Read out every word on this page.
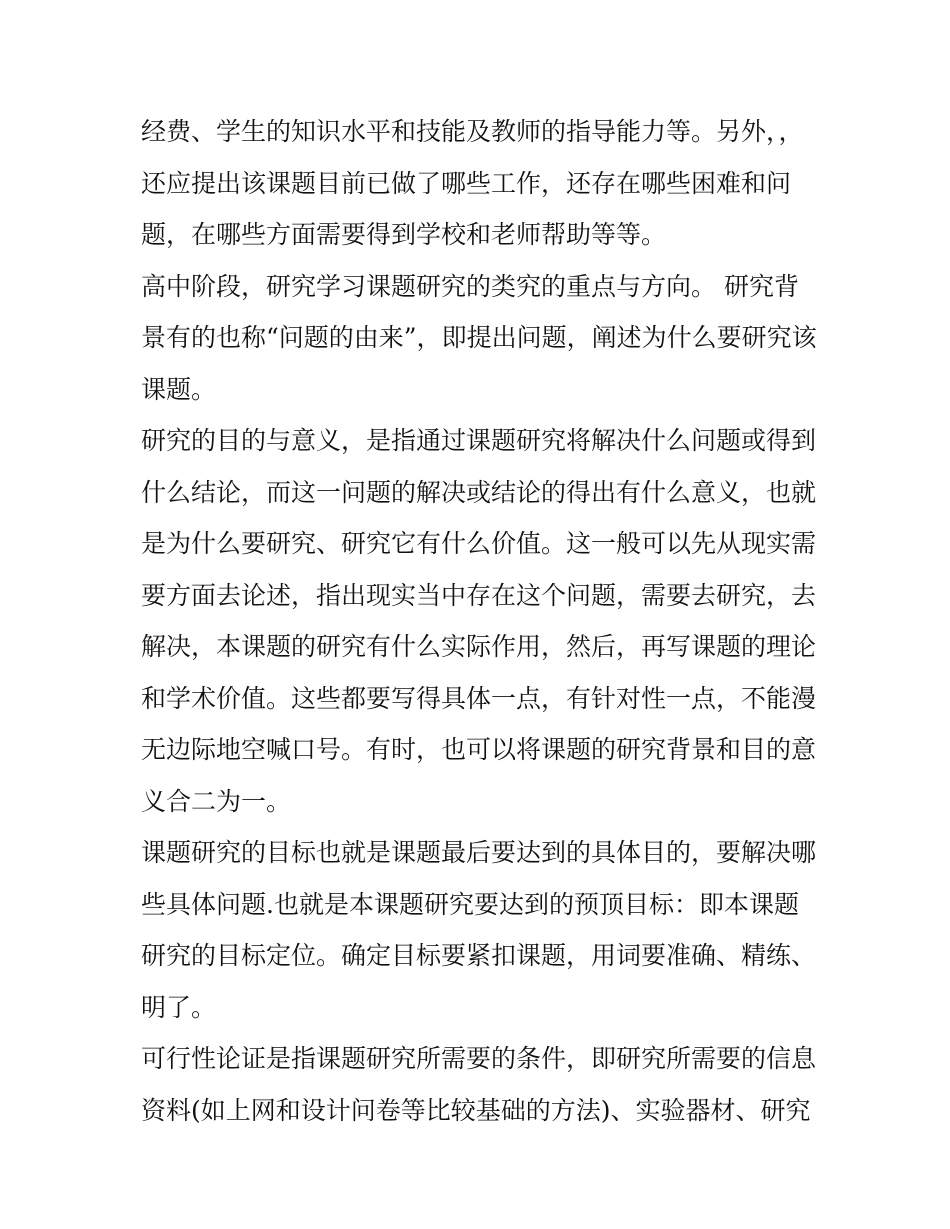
经费、学生的知识水平和技能及教师的指导能力等。另外，，
还应提出该课题目前已做了哪些工作，还存在哪些困难和问
题，在哪些方面需要得到学校和老师帮助等等。

高中阶段，研究学习课题研究的类究的重点与方向。 研究背
景有的也称“问题的由来”，即提出问题，阐述为什么要研究该
课题。

研究的目的与意义，是指通过课题研究将解决什么问题或得到
什么结论，而这一问题的解决或结论的得出有什么意义，也就
是为什么要研究、研究它有什么价值。这一般可以先从现实需
要方面去论述，指出现实当中存在这个问题，需要去研究，去
解决，本课题的研究有什么实际作用，然后，再写课题的理论
和学术价值。这些都要写得具体一点，有针对性一点，不能漫
无边际地空喊口号。有时，也可以将课题的研究背景和目的意
义合二为一。

课题研究的目标也就是课题最后要达到的具体目的，要解决哪
些具体问题.也就是本课题研究要达到的预顶目标：即本课题
研究的目标定位。确定目标要紧扣课题，用词要准确、精练、
明了。

可行性论证是指课题研究所需要的条件，即研究所需要的信息
资料(如上网和设计问卷等比较基础的方法)、实验器材、研究
